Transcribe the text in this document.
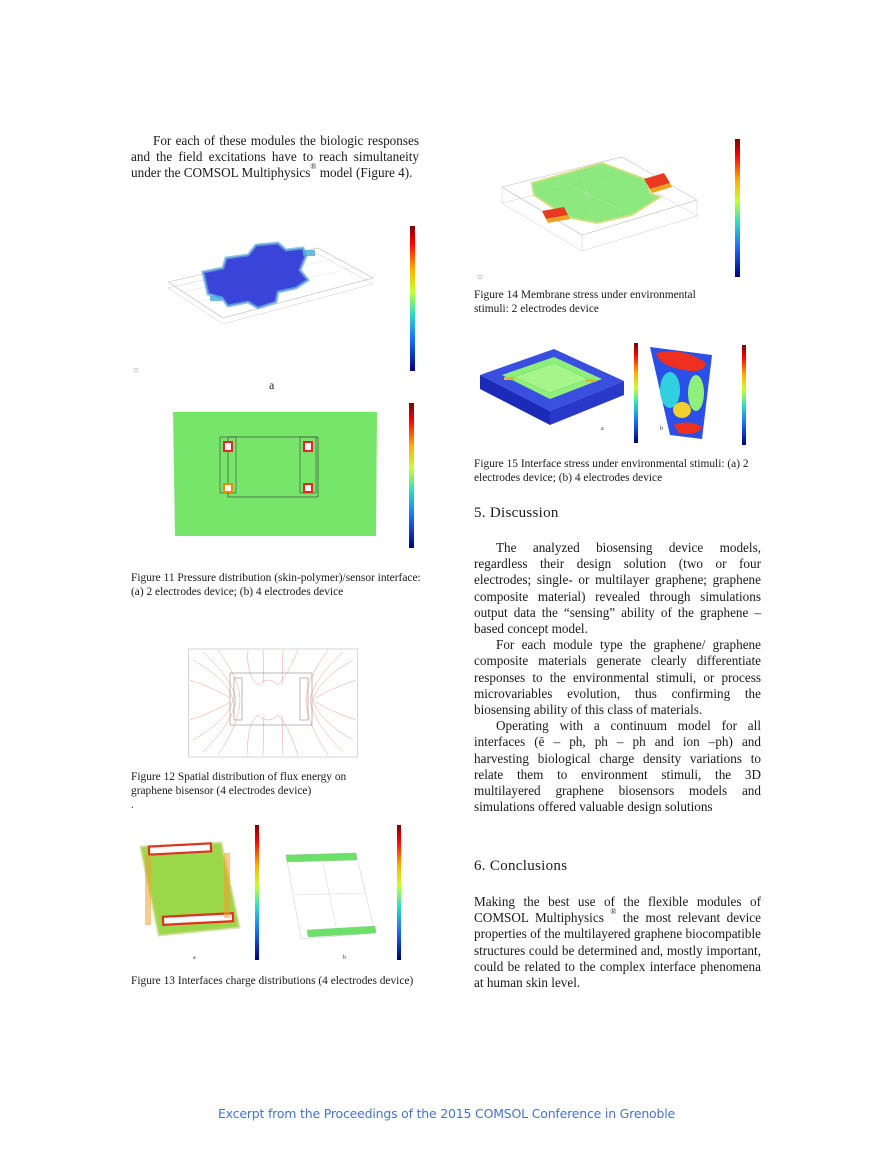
For each of these modules the biologic responses and the field excitations have to reach simultaneity under the COMSOL Multiphysics® model (Figure 4).

a
Figure 11 Pressure distribution (skin-polymer)/sensor interface: (a) 2 electrodes device; (b) 4 electrodes device
Figure 12 Spatial distribution of flux energy on
graphene bisensor (4 electrodes device)
.
a	b
Figure 13 Interfaces charge distributions (4 electrodes device)
Figure 14 Membrane stress under environmental
stimuli: 2 electrodes device
a	b
Figure 15 Interface stress under environmental stimuli: (a) 2 electrodes device; (b) 4 electrodes device
5. Discussion

The analyzed biosensing device models, regardless their design solution (two or four electrodes; single- or multilayer graphene; graphene composite material) revealed through simulations output data the “sensing” ability of the graphene –based concept model.

For each module type the graphene/ graphene composite materials generate clearly differentiate responses to the environmental stimuli, or process microvariables evolution, thus confirming the biosensing ability of this class of materials.

Operating with a continuum model for all interfaces (ē – ph, ph – ph and ion –ph) and harvesting biological charge density variations to relate them to environment stimuli, the 3D multilayered graphene biosensors models and simulations offered valuable design solutions

6. Conclusions

Making the best use of the flexible modules of COMSOL Multiphysics ® the most relevant device properties of the multilayered graphene biocompatible structures could be determined and, mostly important, could be related to the complex interface phenomena at human skin level.

Excerpt from the Proceedings of the 2015 COMSOL Conference in Grenoble
